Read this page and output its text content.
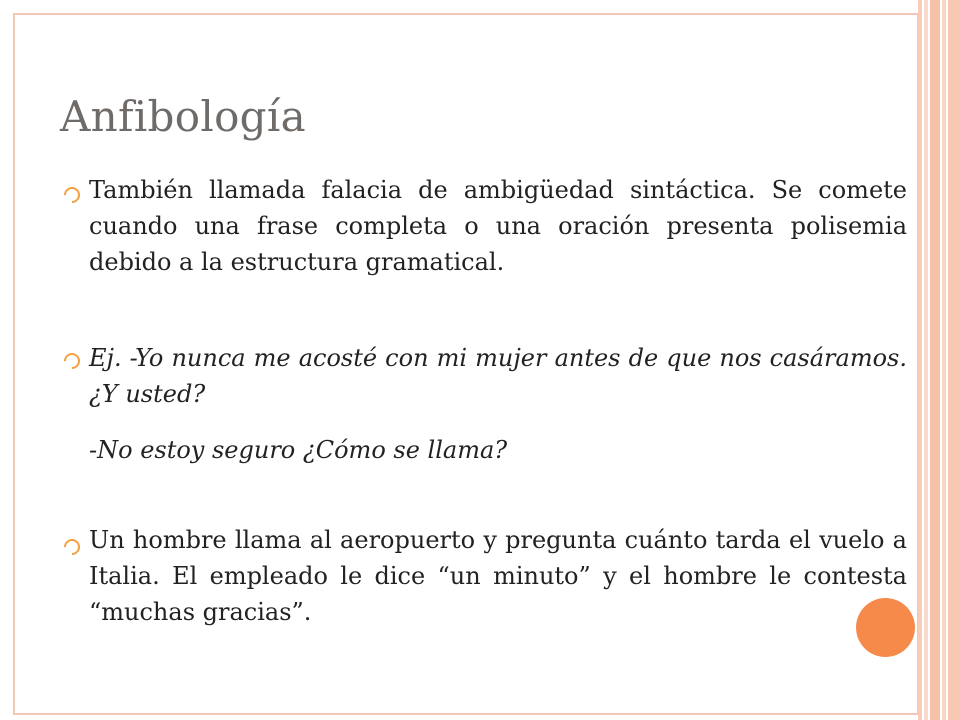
Anfibología
También llamada falacia de ambigüedad sintáctica. Se comete cuando una frase completa o una oración presenta polisemia debido a la estructura gramatical.
Ej. -Yo nunca me acosté con mi mujer antes de que nos casáramos. ¿Y usted?
-No estoy seguro ¿Cómo se llama?
Un hombre llama al aeropuerto y pregunta cuánto tarda el vuelo a Italia. El empleado le dice “un minuto” y el hombre le contesta “muchas gracias”.
